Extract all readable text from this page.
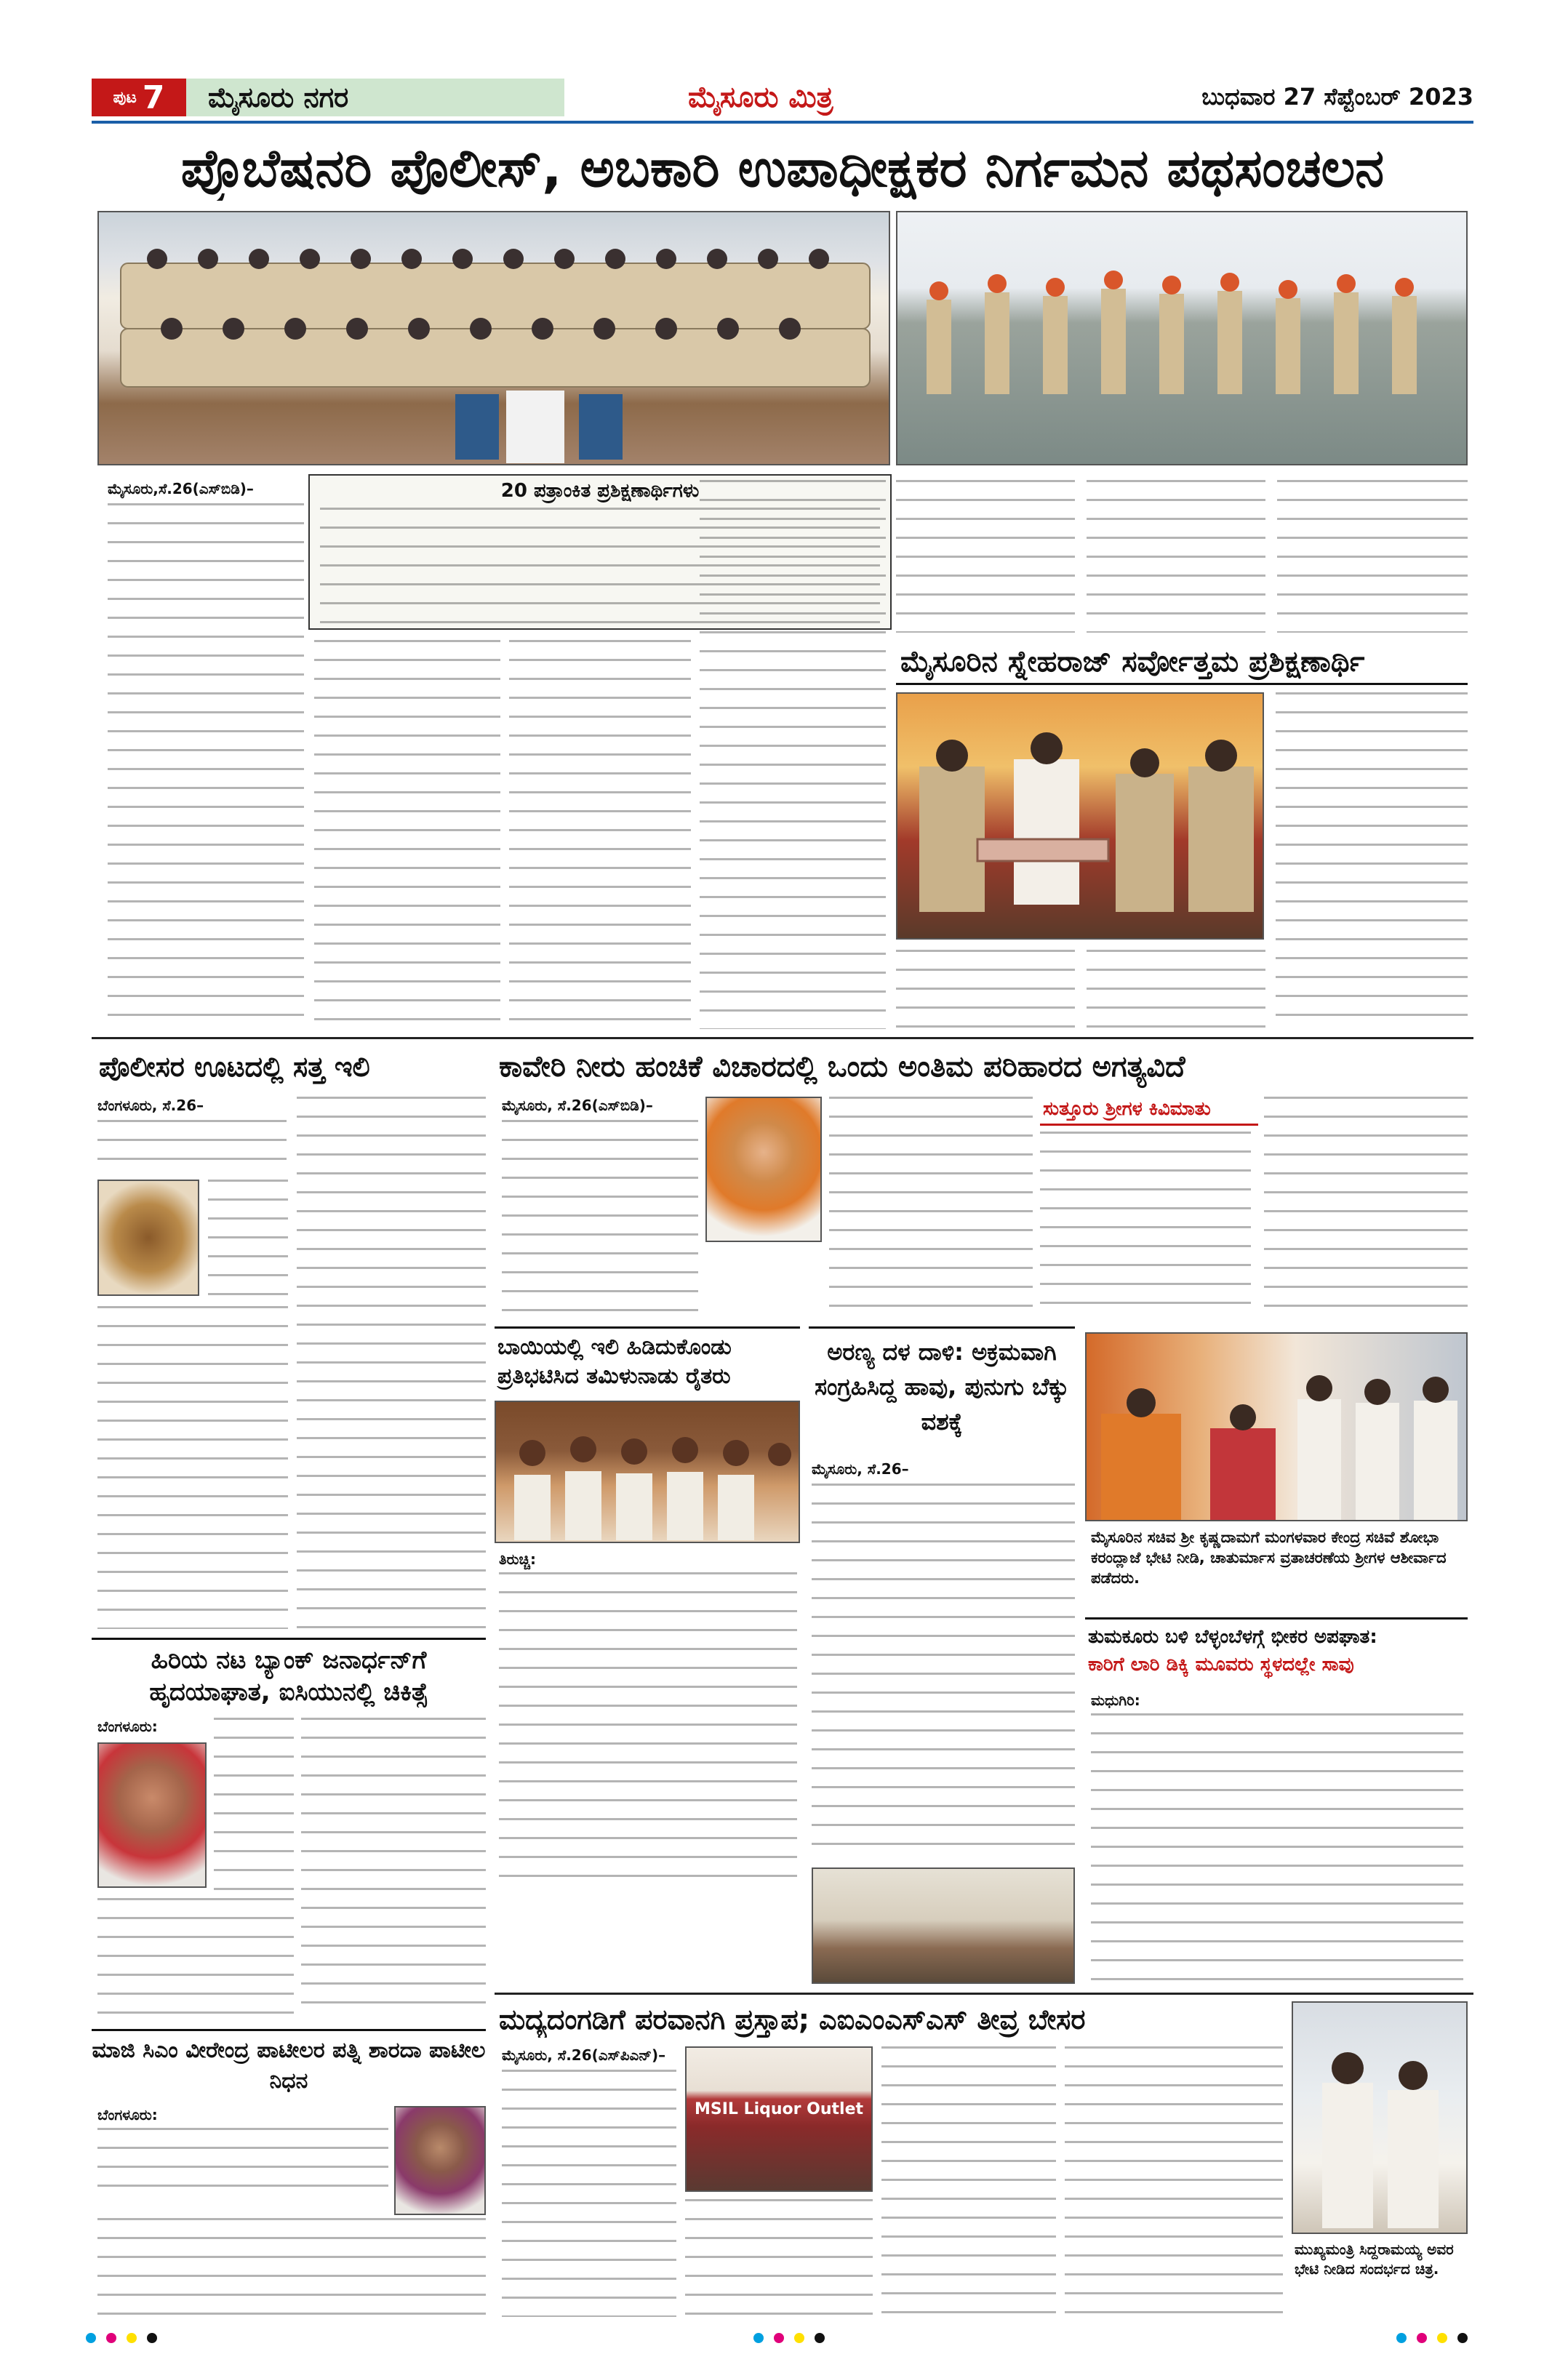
ಪುಟ 7 ಮೈಸೂರು ನಗರ	ಮೈಸೂರು ಮಿತ್ರ	ಬುಧವಾರ 27 ಸೆಪ್ಟೆಂಬರ್ 2023
ಪ್ರೊಬೆಷನರಿ ಪೊಲೀಸ್, ಅಬಕಾರಿ ಉಪಾಧೀಕ್ಷಕರ ನಿರ್ಗಮನ ಪಥಸಂಚಲನ
ಮೈಸೂರು,ಸೆ.26(ಎಸ್‌ಬಿಡಿ)–	20 ಪತ್ರಾಂಕಿತ ಪ್ರಶಿಕ್ಷಣಾರ್ಥಿಗಳು
ಮೈಸೂರಿನ ಸ್ನೇಹರಾಜ್ ಸರ್ವೋತ್ತಮ ಪ್ರಶಿಕ್ಷಣಾರ್ಥಿ
ಪೊಲೀಸರ ಊಟದಲ್ಲಿ ಸತ್ತ ಇಲಿ
ಬೆಂಗಳೂರು, ಸೆ.26–
ಕಾವೇರಿ ನೀರು ಹಂಚಿಕೆ ವಿಚಾರದಲ್ಲಿ ಒಂದು ಅಂತಿಮ ಪರಿಹಾರದ ಅಗತ್ಯವಿದೆ
ಮೈಸೂರು, ಸೆ.26(ಎಸ್‌ಬಿಡಿ)–	ಸುತ್ತೂರು ಶ್ರೀಗಳ ಕಿವಿಮಾತು
ಬಾಯಿಯಲ್ಲಿ ಇಲಿ ಹಿಡಿದುಕೊಂಡು ಪ್ರತಿಭಟಿಸಿದ ತಮಿಳುನಾಡು ರೈತರು
ತಿರುಚ್ಚಿ:
ಅರಣ್ಯ ದಳ ದಾಳಿ: ಅಕ್ರಮವಾಗಿ ಸಂಗ್ರಹಿಸಿದ್ದ ಹಾವು, ಪುನುಗು ಬೆಕ್ಕು ವಶಕ್ಕೆ
ಮೈಸೂರು, ಸೆ.26–
ಮೈಸೂರಿನ ಸಚಿವ ಶ್ರೀ ಕೃಷ್ಣದಾಮಗೆ ಮಂಗಳವಾರ ಕೇಂದ್ರ ಸಚಿವೆ ಶೋಭಾ ಕರಂದ್ಲಾಜೆ ಭೇಟಿ ನೀಡಿ, ಚಾತುರ್ಮಾಸ ವ್ರತಾಚರಣೆಯ ಶ್ರೀಗಳ ಆಶೀರ್ವಾದ ಪಡೆದರು.
ಹಿರಿಯ ನಟ ಬ್ಯಾಂಕ್ ಜನಾರ್ಧನ್‌ಗೆ ಹೃದಯಾಘಾತ, ಐಸಿಯುನಲ್ಲಿ ಚಿಕಿತ್ಸೆ
ಬೆಂಗಳೂರು:
ತುಮಕೂರು ಬಳಿ ಬೆಳ್ಳಂಬೆಳಗ್ಗೆ ಭೀಕರ ಅಪಘಾತ:
ಕಾರಿಗೆ ಲಾರಿ ಡಿಕ್ಕಿ ಮೂವರು ಸ್ಥಳದಲ್ಲೇ ಸಾವು
ಮಧುಗಿರಿ:
ಮದ್ಯದಂಗಡಿಗೆ ಪರವಾನಗಿ ಪ್ರಸ್ತಾಪ; ಎಐಎಂಎಸ್‌ಎಸ್ ತೀವ್ರ ಬೇಸರ
ಮೈಸೂರು, ಸೆ.26(ಎಸ್‌ಪಿಎನ್)–
MSIL Liquor Outlet
ಮುಖ್ಯಮಂತ್ರಿ ಸಿದ್ದರಾಮಯ್ಯ ಅವರ ಭೇಟಿ ನೀಡಿದ ಸಂದರ್ಭದ ಚಿತ್ರ.
ಮಾಜಿ ಸಿಎಂ ವೀರೇಂದ್ರ ಪಾಟೀಲರ ಪತ್ನಿ ಶಾರದಾ ಪಾಟೀಲ ನಿಧನ
ಬೆಂಗಳೂರು:
